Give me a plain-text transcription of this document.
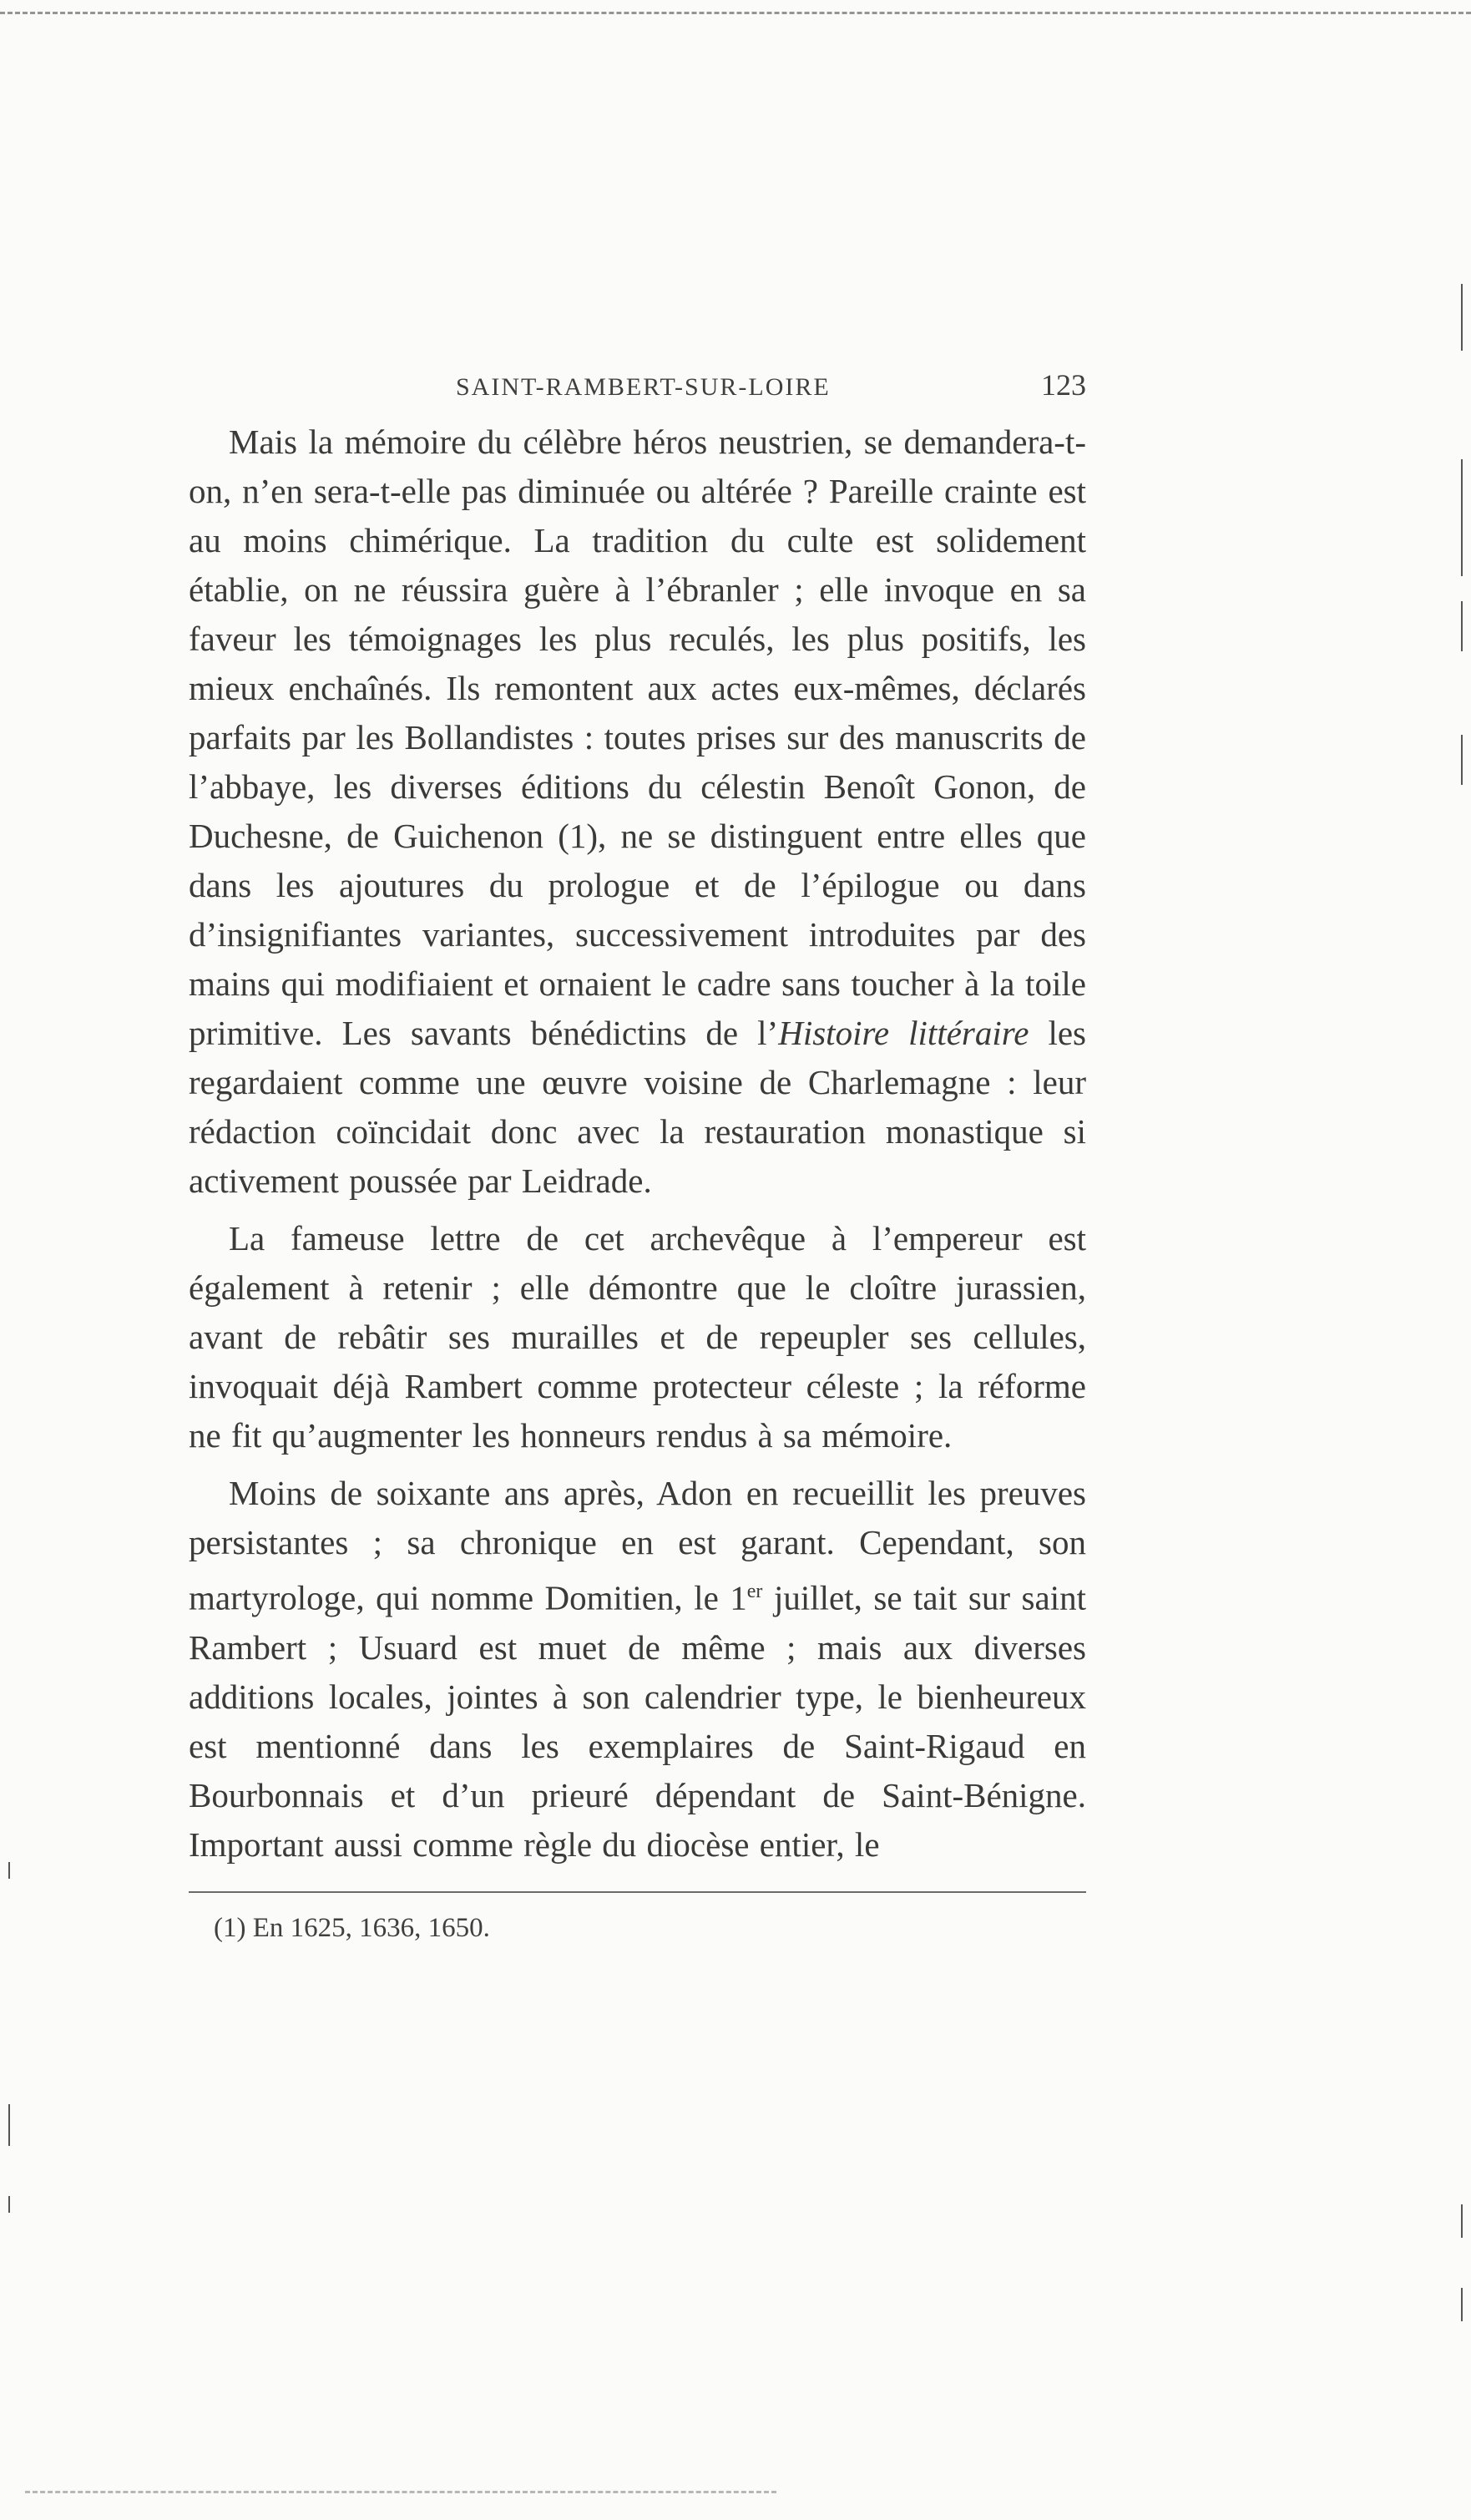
SAINT-RAMBERT-SUR-LOIRE	123

Mais la mémoire du célèbre héros neustrien, se demandera-t-on, n’en sera-t-elle pas diminuée ou altérée ? Pareille crainte est au moins chimérique. La tradition du culte est solidement établie, on ne réussira guère à l’ébranler ; elle invoque en sa faveur les témoignages les plus reculés, les plus positifs, les mieux enchaînés. Ils remontent aux actes eux-mêmes, déclarés parfaits par les Bollandistes : toutes prises sur des manuscrits de l’abbaye, les diverses éditions du célestin Benoît Gonon, de Duchesne, de Guichenon (1), ne se distinguent entre elles que dans les ajoutures du prologue et de l’épilogue ou dans d’insignifiantes variantes, successivement introduites par des mains qui modifiaient et ornaient le cadre sans toucher à la toile primitive. Les savants bénédictins de l’Histoire littéraire les regardaient comme une œuvre voisine de Charlemagne : leur rédaction coïncidait donc avec la restauration monastique si activement poussée par Leidrade.

La fameuse lettre de cet archevêque à l’empereur est également à retenir ; elle démontre que le cloître jurassien, avant de rebâtir ses murailles et de repeupler ses cellules, invoquait déjà Rambert comme protecteur céleste ; la réforme ne fit qu’augmenter les honneurs rendus à sa mémoire.

Moins de soixante ans après, Adon en recueillit les preuves persistantes ; sa chronique en est garant. Cependant, son martyrologe, qui nomme Domitien, le 1er juillet, se tait sur saint Rambert ; Usuard est muet de même ; mais aux diverses additions locales, jointes à son calendrier type, le bienheureux est mentionné dans les exemplaires de Saint-Rigaud en Bourbonnais et d’un prieuré dépendant de Saint-Bénigne. Important aussi comme règle du diocèse entier, le

(1) En 1625, 1636, 1650.
